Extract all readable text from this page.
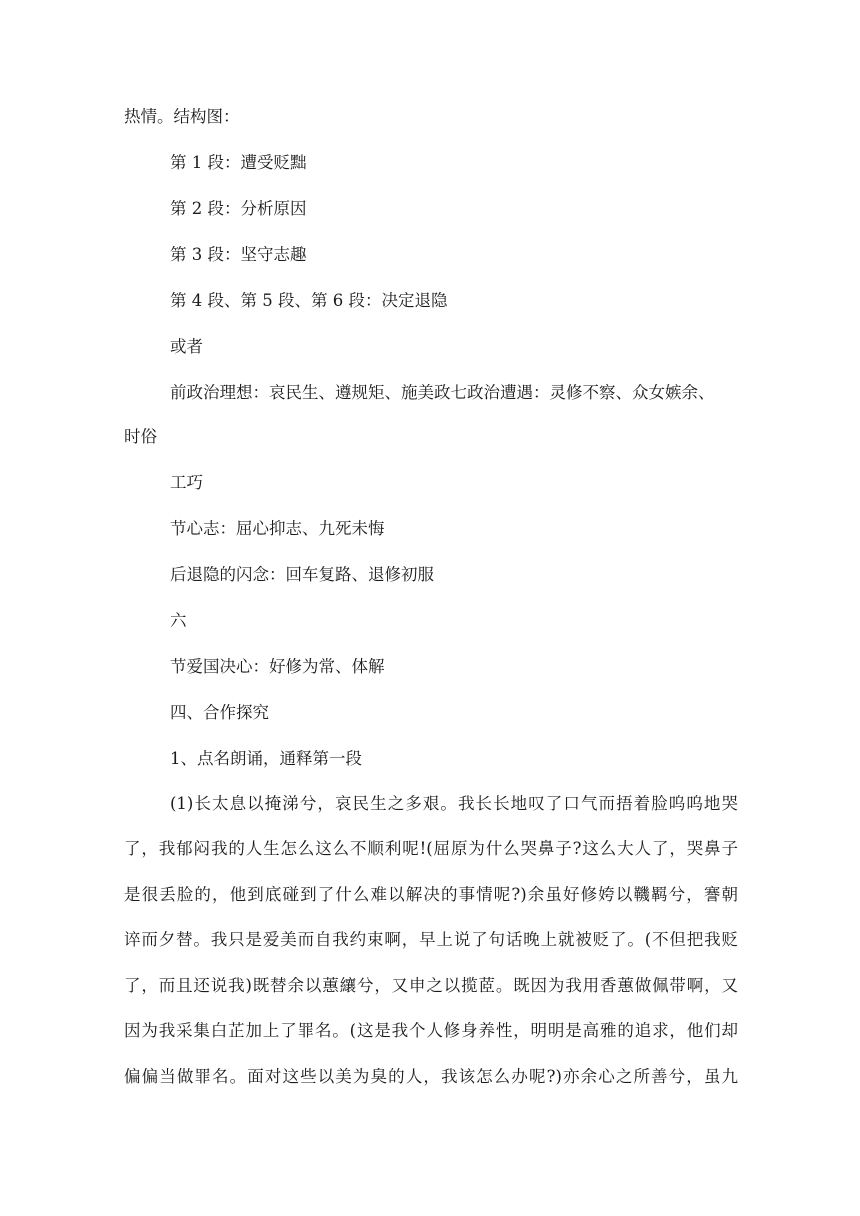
热情。结构图：

第 1 段：遭受贬黜

第 2 段：分析原因

第 3 段：坚守志趣

第 4 段、第 5 段、第 6 段：决定退隐

或者

前政治理想：哀民生、遵规矩、施美政七政治遭遇：灵修不察、众女嫉余、

时俗

工巧

节心志：屈心抑志、九死未悔

后退隐的闪念：回车复路、退修初服

六

节爱国决心：好修为常、体解

四、合作探究

1、点名朗诵，通释第一段

(1)长太息以掩涕兮，哀民生之多艰。我长长地叹了口气而捂着脸呜呜地哭
了，我郁闷我的人生怎么这么不顺利呢!(屈原为什么哭鼻子?这么大人了，哭鼻子
是很丢脸的，他到底碰到了什么难以解决的事情呢?)余虽好修姱以鞿羁兮，謇朝
谇而夕替。我只是爱美而自我约束啊，早上说了句话晚上就被贬了。(不但把我贬
了，而且还说我)既替余以蕙纕兮，又申之以揽茝。既因为我用香蕙做佩带啊，又
因为我采集白芷加上了罪名。(这是我个人修身养性，明明是高雅的追求，他们却
偏偏当做罪名。面对这些以美为臭的人，我该怎么办呢?)亦余心之所善兮，虽九
